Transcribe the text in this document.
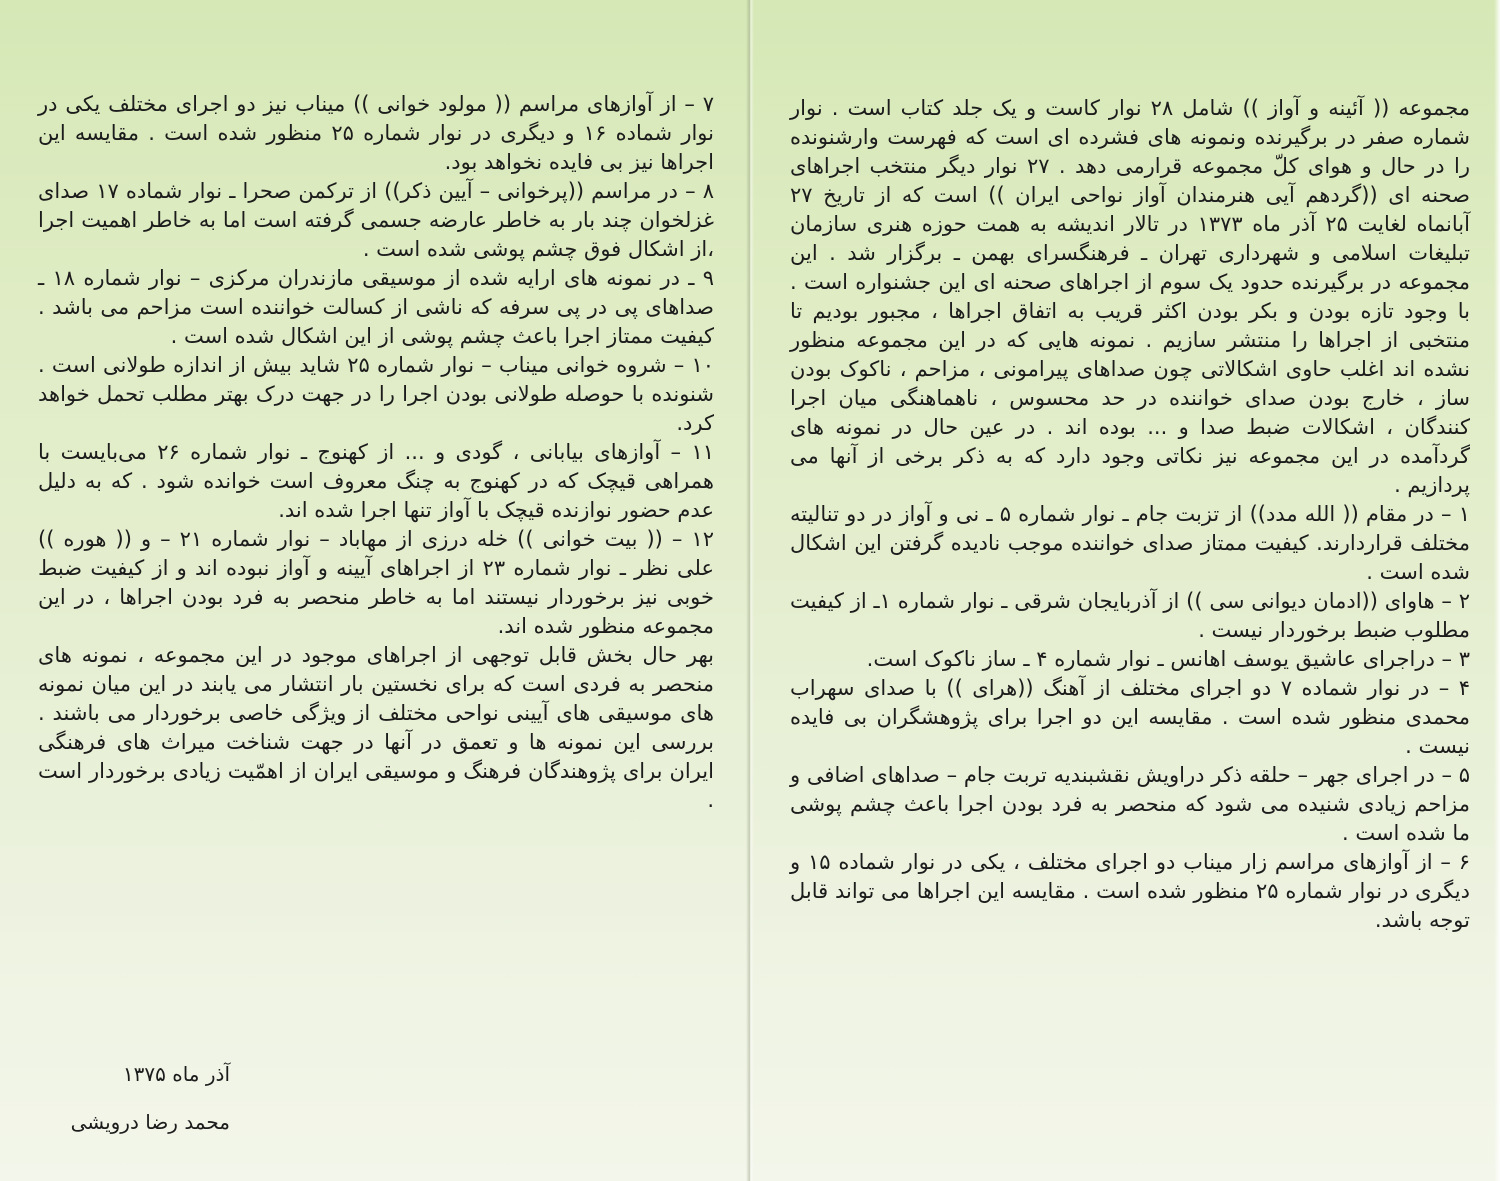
۷ – از آوازهای مراسم (( مولود خوانی )) میناب نیز دو اجرای مختلف یکی در نوار شماده ۱۶ و دیگری در نوار شماره ۲۵ منظور شده است . مقایسه این اجراها نیز بی فایده نخواهد بود.

۸ – در مراسم ((پرخوانی – آیین ذکر)) از ترکمن صحرا ـ نوار شماده ۱۷ صدای غزلخوان چند بار به خاطر عارضه جسمی گرفته است اما به خاطر اهمیت اجرا ،از اشکال فوق چشم پوشی شده است .

۹ ـ در نمونه های ارایه شده از موسیقی مازندران مرکزی – نوار شماره ۱۸ ـ صداهای پی در پی سرفه که ناشی از کسالت خواننده است مزاحم می باشد . کیفیت ممتاز اجرا باعث چشم پوشی از این اشکال شده است .

۱۰ – شروه خوانی میناب – نوار شماره ۲۵ شاید بیش از اندازه طولانی است . شنونده با حوصله طولانی بودن اجرا را در جهت درک بهتر مطلب تحمل خواهد کرد.

۱۱ – آوازهای بیابانی ، گودی و ... از کهنوج ـ نوار شماره ۲۶ می‌بایست با همراهی قیچک که در کهنوج به چنگ معروف است خوانده شود . که به دلیل عدم حضور نوازنده قیچک با آواز تنها اجرا شده اند.

۱۲ – (( بیت خوانی )) خله درزی از مهاباد – نوار شماره ۲۱ – و (( هوره )) علی نظر ـ نوار شماره ۲۳ از اجراهای آیینه و آواز نبوده اند و از کیفیت ضبط خوبی نیز برخوردار نیستند اما به خاطر منحصر به فرد بودن اجراها ، در این مجموعه منظور شده اند.

بهر حال بخش قابل توجهی از اجراهای موجود در این مجموعه ، نمونه های منحصر به فردی است که برای نخستین بار انتشار می یابند در این میان نمونه های موسیقی های آیینی نواحی مختلف از ویژگی خاصی برخوردار می باشند . بررسی این نمونه ها و تعمق در آنها در جهت شناخت میراث های فرهنگی ایران برای پژوهندگان فرهنگ و موسیقی ایران از اهمّیت زیادی برخوردار است .

مجموعه (( آئینه و آواز )) شامل ۲۸ نوار کاست و یک جلد کتاب است . نوار شماره صفر در برگیرنده ونمونه های فشرده ای است که فهرست وارشنونده را در حال و هوای کلّ مجموعه قرارمی دهد . ۲۷ نوار دیگر منتخب اجراهای صحنه ای ((گردهم آیی هنرمندان آواز نواحی ایران )) است که از تاریخ ۲۷ آبانماه لغایت ۲۵ آذر ماه ۱۳۷۳ در تالار اندیشه به همت حوزه هنری سازمان تبلیغات اسلامی و شهرداری تهران ـ فرهنگسرای بهمن ـ برگزار شد . این مجموعه در برگیرنده حدود یک سوم از اجراهای صحنه ای این جشنواره است . با وجود تازه بودن و بکر بودن اکثر قریب به اتفاق اجراها ، مجبور بودیم تا منتخبی از اجراها را منتشر سازیم . نمونه هایی که در این مجموعه منظور نشده اند اغلب حاوی اشکالاتی چون صداهای پیرامونی ، مزاحم ، ناکوک بودن ساز ، خارج بودن صدای خواننده در حد محسوس ، ناهماهنگی میان اجرا کنندگان ، اشکالات ضبط صدا و ... بوده اند . در عین حال در نمونه های گردآمده در این مجموعه نیز نکاتی وجود دارد که به ذکر برخی از آنها می پردازیم .

۱ – در مقام (( الله مدد)) از تزبت جام ـ نوار شماره ۵ ـ نی و آواز در دو تنالیته مختلف قراردارند. کیفیت ممتاز صدای خواننده موجب نادیده گرفتن این اشکال شده است .

۲ – هاوای ((ادمان دیوانی سی )) از آذربایجان شرقی ـ نوار شماره ۱ـ از کیفیت مطلوب ضبط برخوردار نیست .

۳ – دراجرای عاشیق یوسف اهانس ـ نوار شماره ۴ ـ ساز ناکوک است.

۴ – در نوار شماده ۷ دو اجرای مختلف از آهنگ ((هرای )) با صدای سهراب محمدی منظور شده است . مقایسه این دو اجرا برای پژوهشگران بی فایده نیست .

۵ – در اجرای جهر – حلقه ذکر دراویش نقشبندیه تربت جام – صداهای اضافی و مزاحم زیادی شنیده می شود که منحصر به فرد بودن اجرا باعث چشم پوشی ما شده است .

۶ – از آوازهای مراسم زار میناب دو اجرای مختلف ، یکی در نوار شماده ۱۵ و دیگری در نوار شماره ۲۵ منظور شده است . مقایسه این اجراها می تواند قابل توجه باشد.

آذر ماه ۱۳۷۵
محمد رضا درویشی
